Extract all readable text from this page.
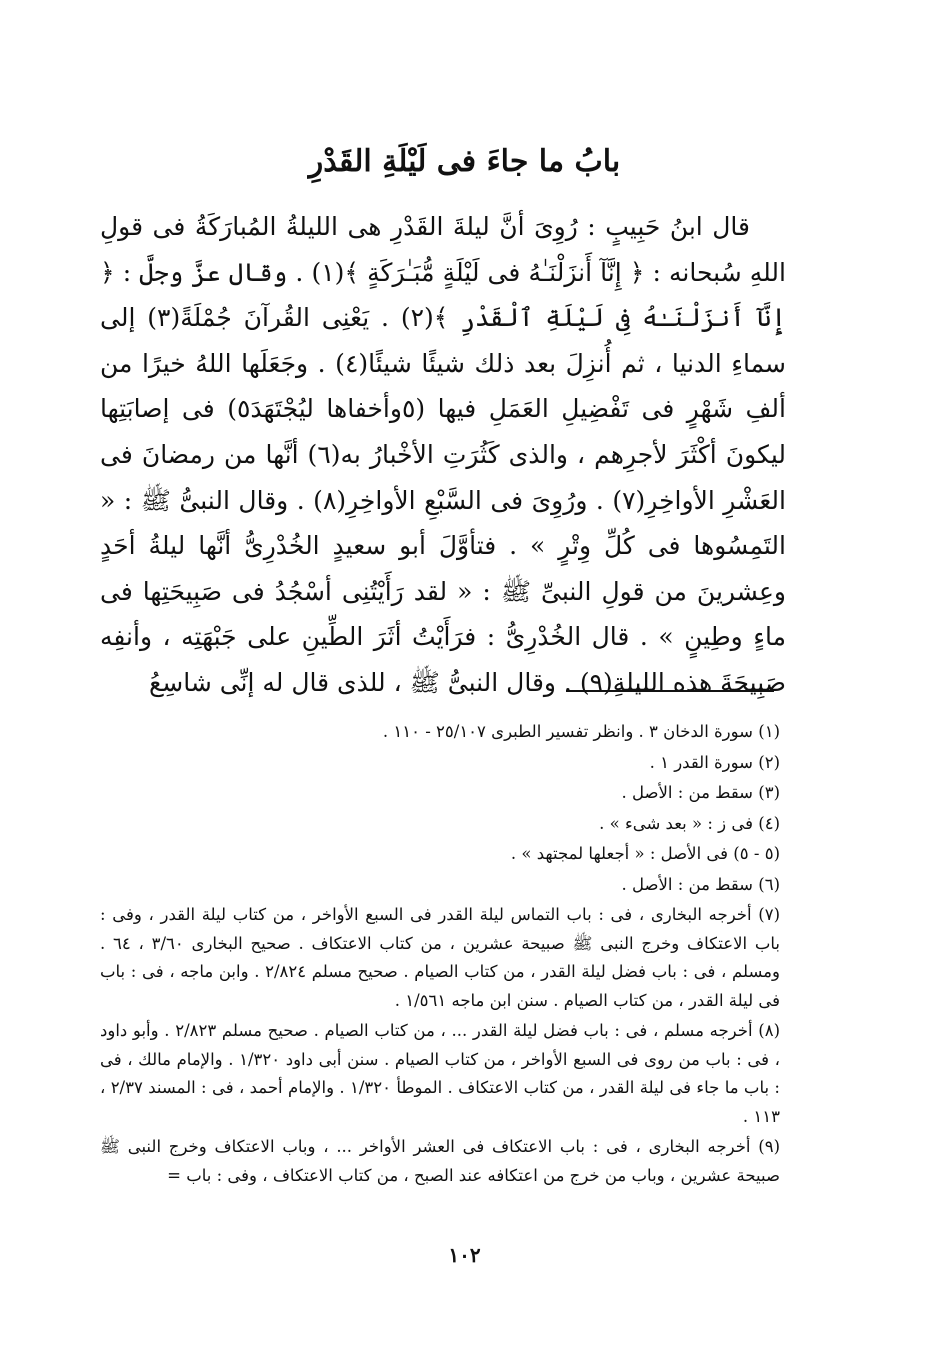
بابُ ما جاءَ فى لَيْلَةِ القَدْرِ

قال ابنُ حَبِيبٍ : رُوِىَ أنَّ ليلةَ القَدْرِ هى الليلةُ المُبارَكَةُ فى قولِ اللهِ سُبحانه : ﴿ إِنَّآ أَنزَلْنَـٰهُ فى لَيْلَةٍ مُّبَـٰرَكَةٍ ﴾(١) . وقال عزَّ وجلَّ : ﴿ إِنَّآ أَنزَلْنَـٰهُ فِى لَيْلَةِ ٱلْقَدْرِ ﴾(٢) . يَعْنِى القُرآنَ جُمْلَةً(٣) إلى سماءِ الدنيا ، ثم أُنزِلَ بعد ذلك شيئًا شيئًا(٤) . وجَعَلَها اللهُ خيرًا من ألفِ شَهْرٍ فى تَفْضِيلِ العَمَلِ فيها (٥وأخفاها ليُجْتَهَدَ٥) فى إصابَتِها ليكونَ أكْثَرَ لأجرِهم ، والذى كَثُرَتِ الأخْبارُ به(٦) أنَّها من رمضانَ فى العَشْرِ الأواخِرِ(٧) . ورُوِىَ فى السَّبْعِ الأواخِرِ(٨) . وقال النبىُّ ﷺ : « التَمِسُوها فى كُلِّ وِتْرٍ » . فتأوَّلَ أبو سعيدٍ الخُدْرِىُّ أنَّها ليلةُ أحَدٍ وعِشرينَ من قولِ النبىِّ ﷺ : « لقد رَأَيْتُنِى أسْجُدُ فى صَبِيحَتِها فى ماءٍ وطِينٍ » . قال الخُدْرِىُّ : فرَأَيْتُ أثَرَ الطِّينِ على جَبْهَتِه ، وأنفِه صَبِيحَةَ هذه الليلةِ(٩) . وقال النبىُّ ﷺ ، للذى قال له إنِّى شاسِعُ

(١) سورة الدخان ٣ . وانظر تفسير الطبرى ٢٥/١٠٧ - ١١٠ .

(٢) سورة القدر ١ .

(٣) سقط من : الأصل .

(٤) فى ز : « بعد شىء » .

(٥ - ٥) فى الأصل : « أجعلها لمجتهد » .

(٦) سقط من : الأصل .

(٧) أخرجه البخارى ، فى : باب التماس ليلة القدر فى السبع الأواخر ، من كتاب ليلة القدر ، وفى : باب الاعتكاف وخرج النبى ﷺ صبيحة عشرين ، من كتاب الاعتكاف . صحيح البخارى ٣/٦٠ ، ٦٤ . ومسلم ، فى : باب فضل ليلة القدر ، من كتاب الصيام . صحيح مسلم ٢/٨٢٤ . وابن ماجه ، فى : باب فى ليلة القدر ، من كتاب الصيام . سنن ابن ماجه ١/٥٦١ .

(٨) أخرجه مسلم ، فى : باب فضل ليلة القدر ... ، من كتاب الصيام . صحيح مسلم ٢/٨٢٣ . وأبو داود ، فى : باب من روى فى السبع الأواخر ، من كتاب الصيام . سنن أبى داود ١/٣٢٠ . والإمام مالك ، فى : باب ما جاء فى ليلة القدر ، من كتاب الاعتكاف . الموطأ ١/٣٢٠ . والإمام أحمد ، فى : المسند ٢/٣٧ ، ١١٣ .

(٩) أخرجه البخارى ، فى : باب الاعتكاف فى العشر الأواخر ... ، وباب الاعتكاف وخرج النبى ﷺ صبيحة عشرين ، وباب من خرج من اعتكافه عند الصبح ، من كتاب الاعتكاف ، وفى : باب =

١٠٢
